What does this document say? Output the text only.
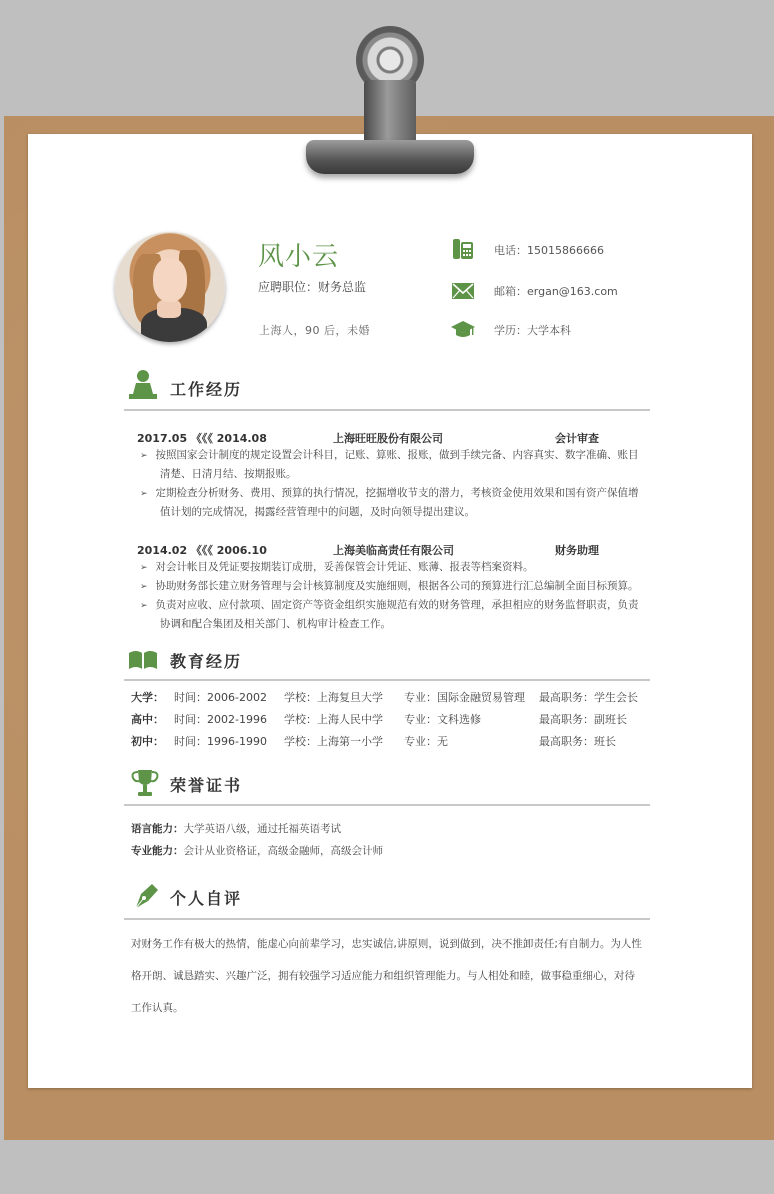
风小云
应聘职位：财务总监
上海人，90 后，未婚
电话：15015866666
邮箱：ergan@163.com
学历：大学本科
工作经历
2017.05 《《《 2014.08	上海旺旺股份有限公司	会计审查
➢ 按照国家会计制度的规定设置会计科目，记账、算账、报账，做到手续完备、内容真实、数字准确、账目
清楚、日清月结、按期报账。
➢ 定期检查分析财务、费用、预算的执行情况，挖掘增收节支的潜力，考核资金使用效果和国有资产保值增
值计划的完成情况，揭露经营管理中的问题，及时向领导提出建议。
2014.02 《《《 2006.10	上海美临高责任有限公司	财务助理
➢ 对会计帐目及凭证要按期装订成册，妥善保管会计凭证、账薄、报表等档案资料。
➢ 协助财务部长建立财务管理与会计核算制度及实施细则，根据各公司的预算进行汇总编制全面目标预算。
➢ 负责对应收、应付款项、固定资产等资金组织实施规范有效的财务管理，承担相应的财务监督职责，负责
协调和配合集团及相关部门、机构审计检查工作。
教育经历
大学： 时间：2006-2002 学校：上海复旦大学 专业：国际金融贸易管理 最高职务：学生会长
高中： 时间：2002-1996 学校：上海人民中学 专业：文科选修	最高职务：副班长
初中： 时间：1996-1990 学校：上海第一小学 专业：无	最高职务：班长
荣誉证书
语言能力：大学英语八级，通过托福英语考试
专业能力：会计从业资格证，高级金融师，高级会计师
个人自评
对财务工作有极大的热情，能虚心向前辈学习，忠实诚信,讲原则，说到做到，决不推卸责任;有自制力。为人性
格开朗、诚恳踏实、兴趣广泛，拥有较强学习适应能力和组织管理能力。与人相处和睦，做事稳重细心，对待
工作认真。
